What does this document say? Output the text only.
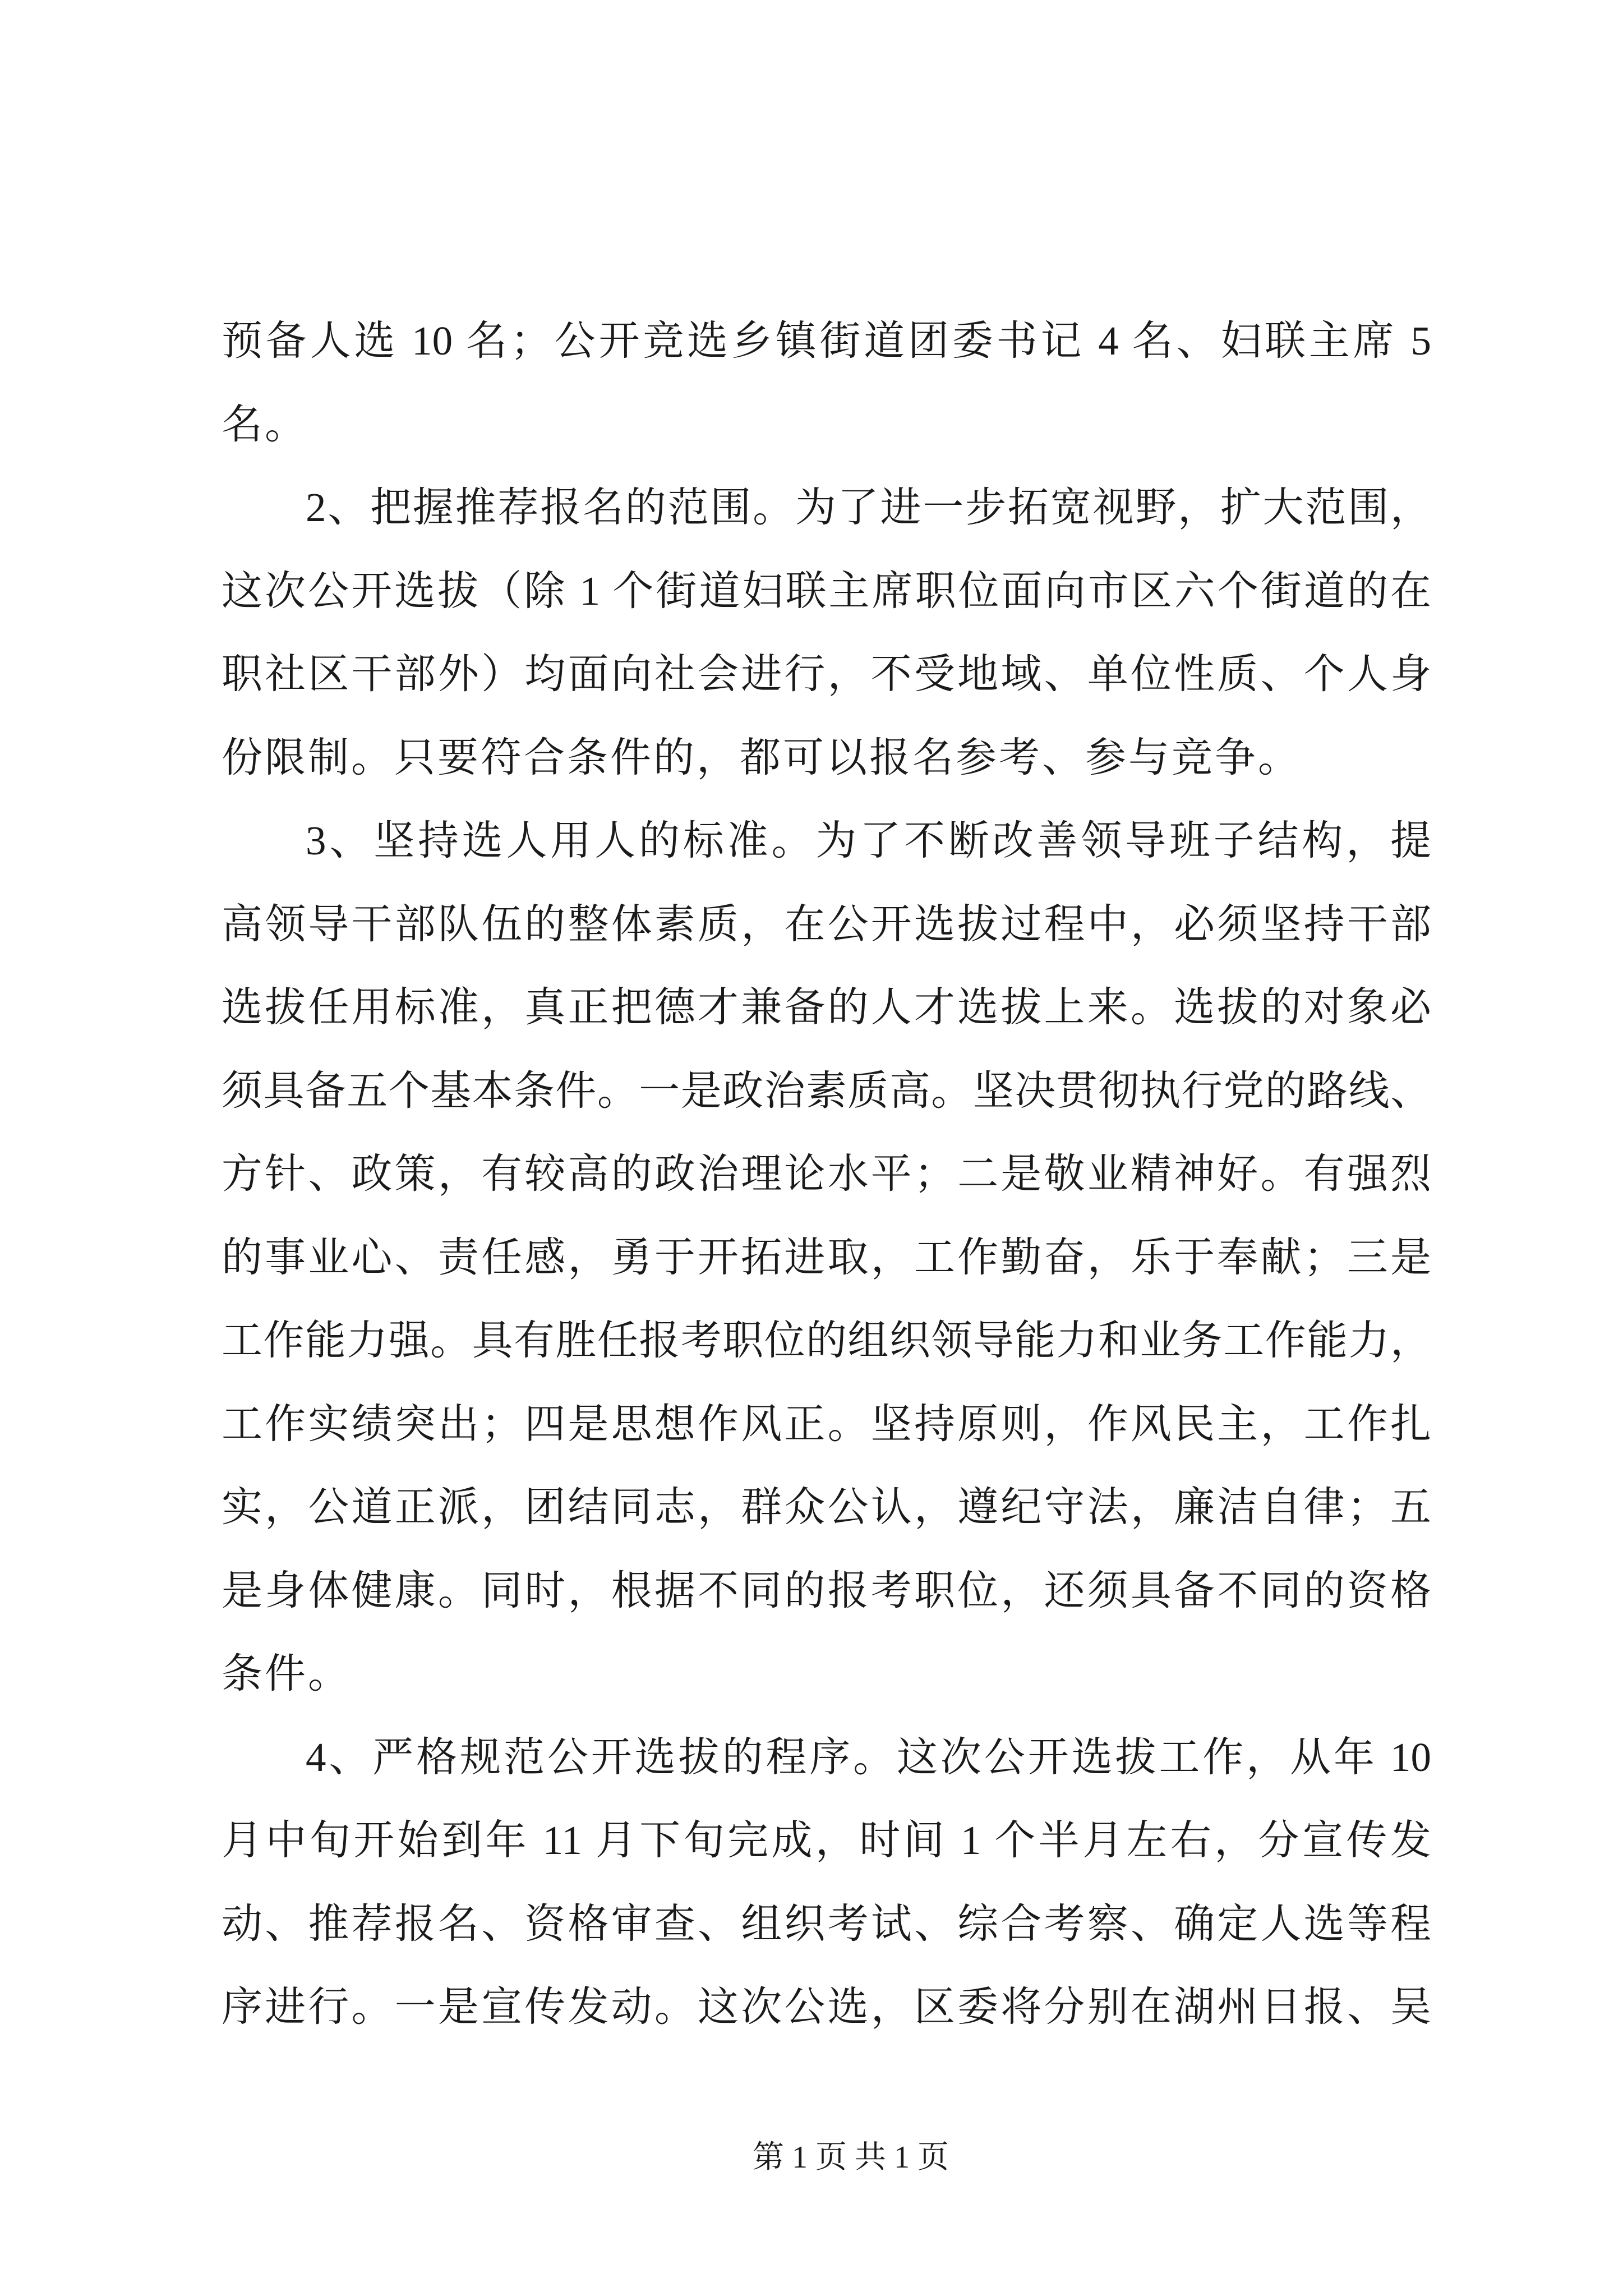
预备人选 10 名；公开竞选乡镇街道团委书记 4 名、妇联主席 5
名。
2、把握推荐报名的范围。为了进一步拓宽视野，扩大范围，
这次公开选拔（除 1 个街道妇联主席职位面向市区六个街道的在
职社区干部外）均面向社会进行，不受地域、单位性质、个人身
份限制。只要符合条件的，都可以报名参考、参与竞争。
3、坚持选人用人的标准。为了不断改善领导班子结构，提
高领导干部队伍的整体素质，在公开选拔过程中，必须坚持干部
选拔任用标准，真正把德才兼备的人才选拔上来。选拔的对象必
须具备五个基本条件。一是政治素质高。坚决贯彻执行党的路线、
方针、政策，有较高的政治理论水平；二是敬业精神好。有强烈
的事业心、责任感，勇于开拓进取，工作勤奋，乐于奉献；三是
工作能力强。具有胜任报考职位的组织领导能力和业务工作能力，
工作实绩突出；四是思想作风正。坚持原则，作风民主，工作扎
实，公道正派，团结同志，群众公认，遵纪守法，廉洁自律；五
是身体健康。同时，根据不同的报考职位，还须具备不同的资格
条件。
4、严格规范公开选拔的程序。这次公开选拔工作，从年 10
月中旬开始到年 11 月下旬完成，时间 1 个半月左右，分宣传发
动、推荐报名、资格审查、组织考试、综合考察、确定人选等程
序进行。一是宣传发动。这次公选，区委将分别在湖州日报、吴
第 1 页 共 1 页
